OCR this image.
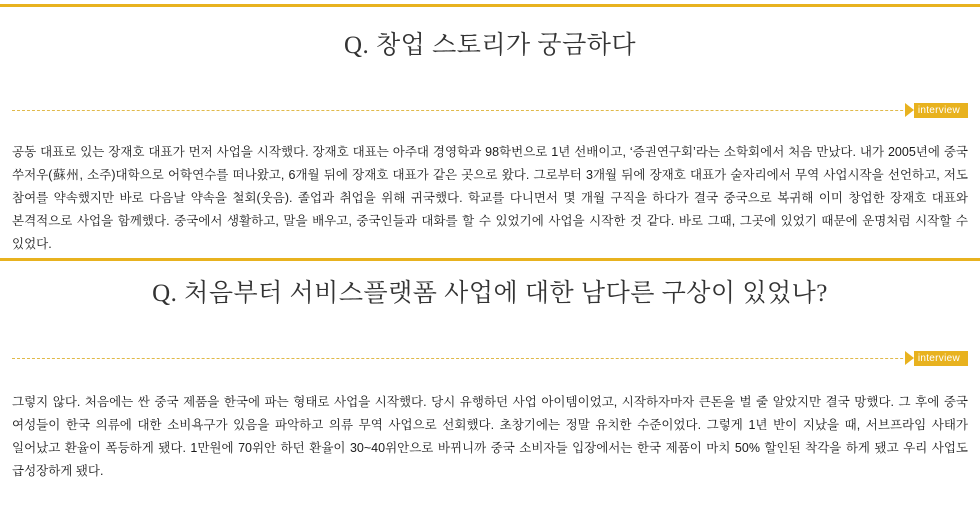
Q. 창업 스토리가 궁금하다
interview

공동 대표로 있는 장재호 대표가 먼저 사업을 시작했다. 장재호 대표는 아주대 경영학과 98학번으로 1년 선배이고, ‘증권연구회’라는 소학회에서 처음 만났다. 내가 2005년에 중국 쑤저우(蘇州, 소주)대학으로 어학연수를 떠나왔고, 6개월 뒤에 장재호 대표가 같은 곳으로 왔다. 그로부터 3개월 뒤에 장재호 대표가 술자리에서 무역 사업시작을 선언하고, 저도 참여를 약속했지만 바로 다음날 약속을 철회(웃음). 졸업과 취업을 위해 귀국했다. 학교를 다니면서 몇 개월 구직을 하다가 결국 중국으로 복귀해 이미 창업한 장재호 대표와 본격적으로 사업을 함께했다. 중국에서 생활하고, 말을 배우고, 중국인들과 대화를 할 수 있었기에 사업을 시작한 것 같다. 바로 그때, 그곳에 있었기 때문에 운명처럼 시작할 수 있었다.

Q. 처음부터 서비스플랫폼 사업에 대한 남다른 구상이 있었나?
interview

그렇지 않다. 처음에는 싼 중국 제품을 한국에 파는 형태로 사업을 시작했다. 당시 유행하던 사업 아이템이었고, 시작하자마자 큰돈을 벌 줄 알았지만 결국 망했다. 그 후에 중국 여성들이 한국 의류에 대한 소비욕구가 있음을 파악하고 의류 무역 사업으로 선회했다. 초창기에는 정말 유치한 수준이었다. 그렇게 1년 반이 지났을 때, 서브프라임 사태가 일어났고 환율이 폭등하게 됐다. 1만원에 70위안 하던 환율이 30~40위안으로 바뀌니까 중국 소비자들 입장에서는 한국 제품이 마치 50% 할인된 착각을 하게 됐고 우리 사업도 급성장하게 됐다.
